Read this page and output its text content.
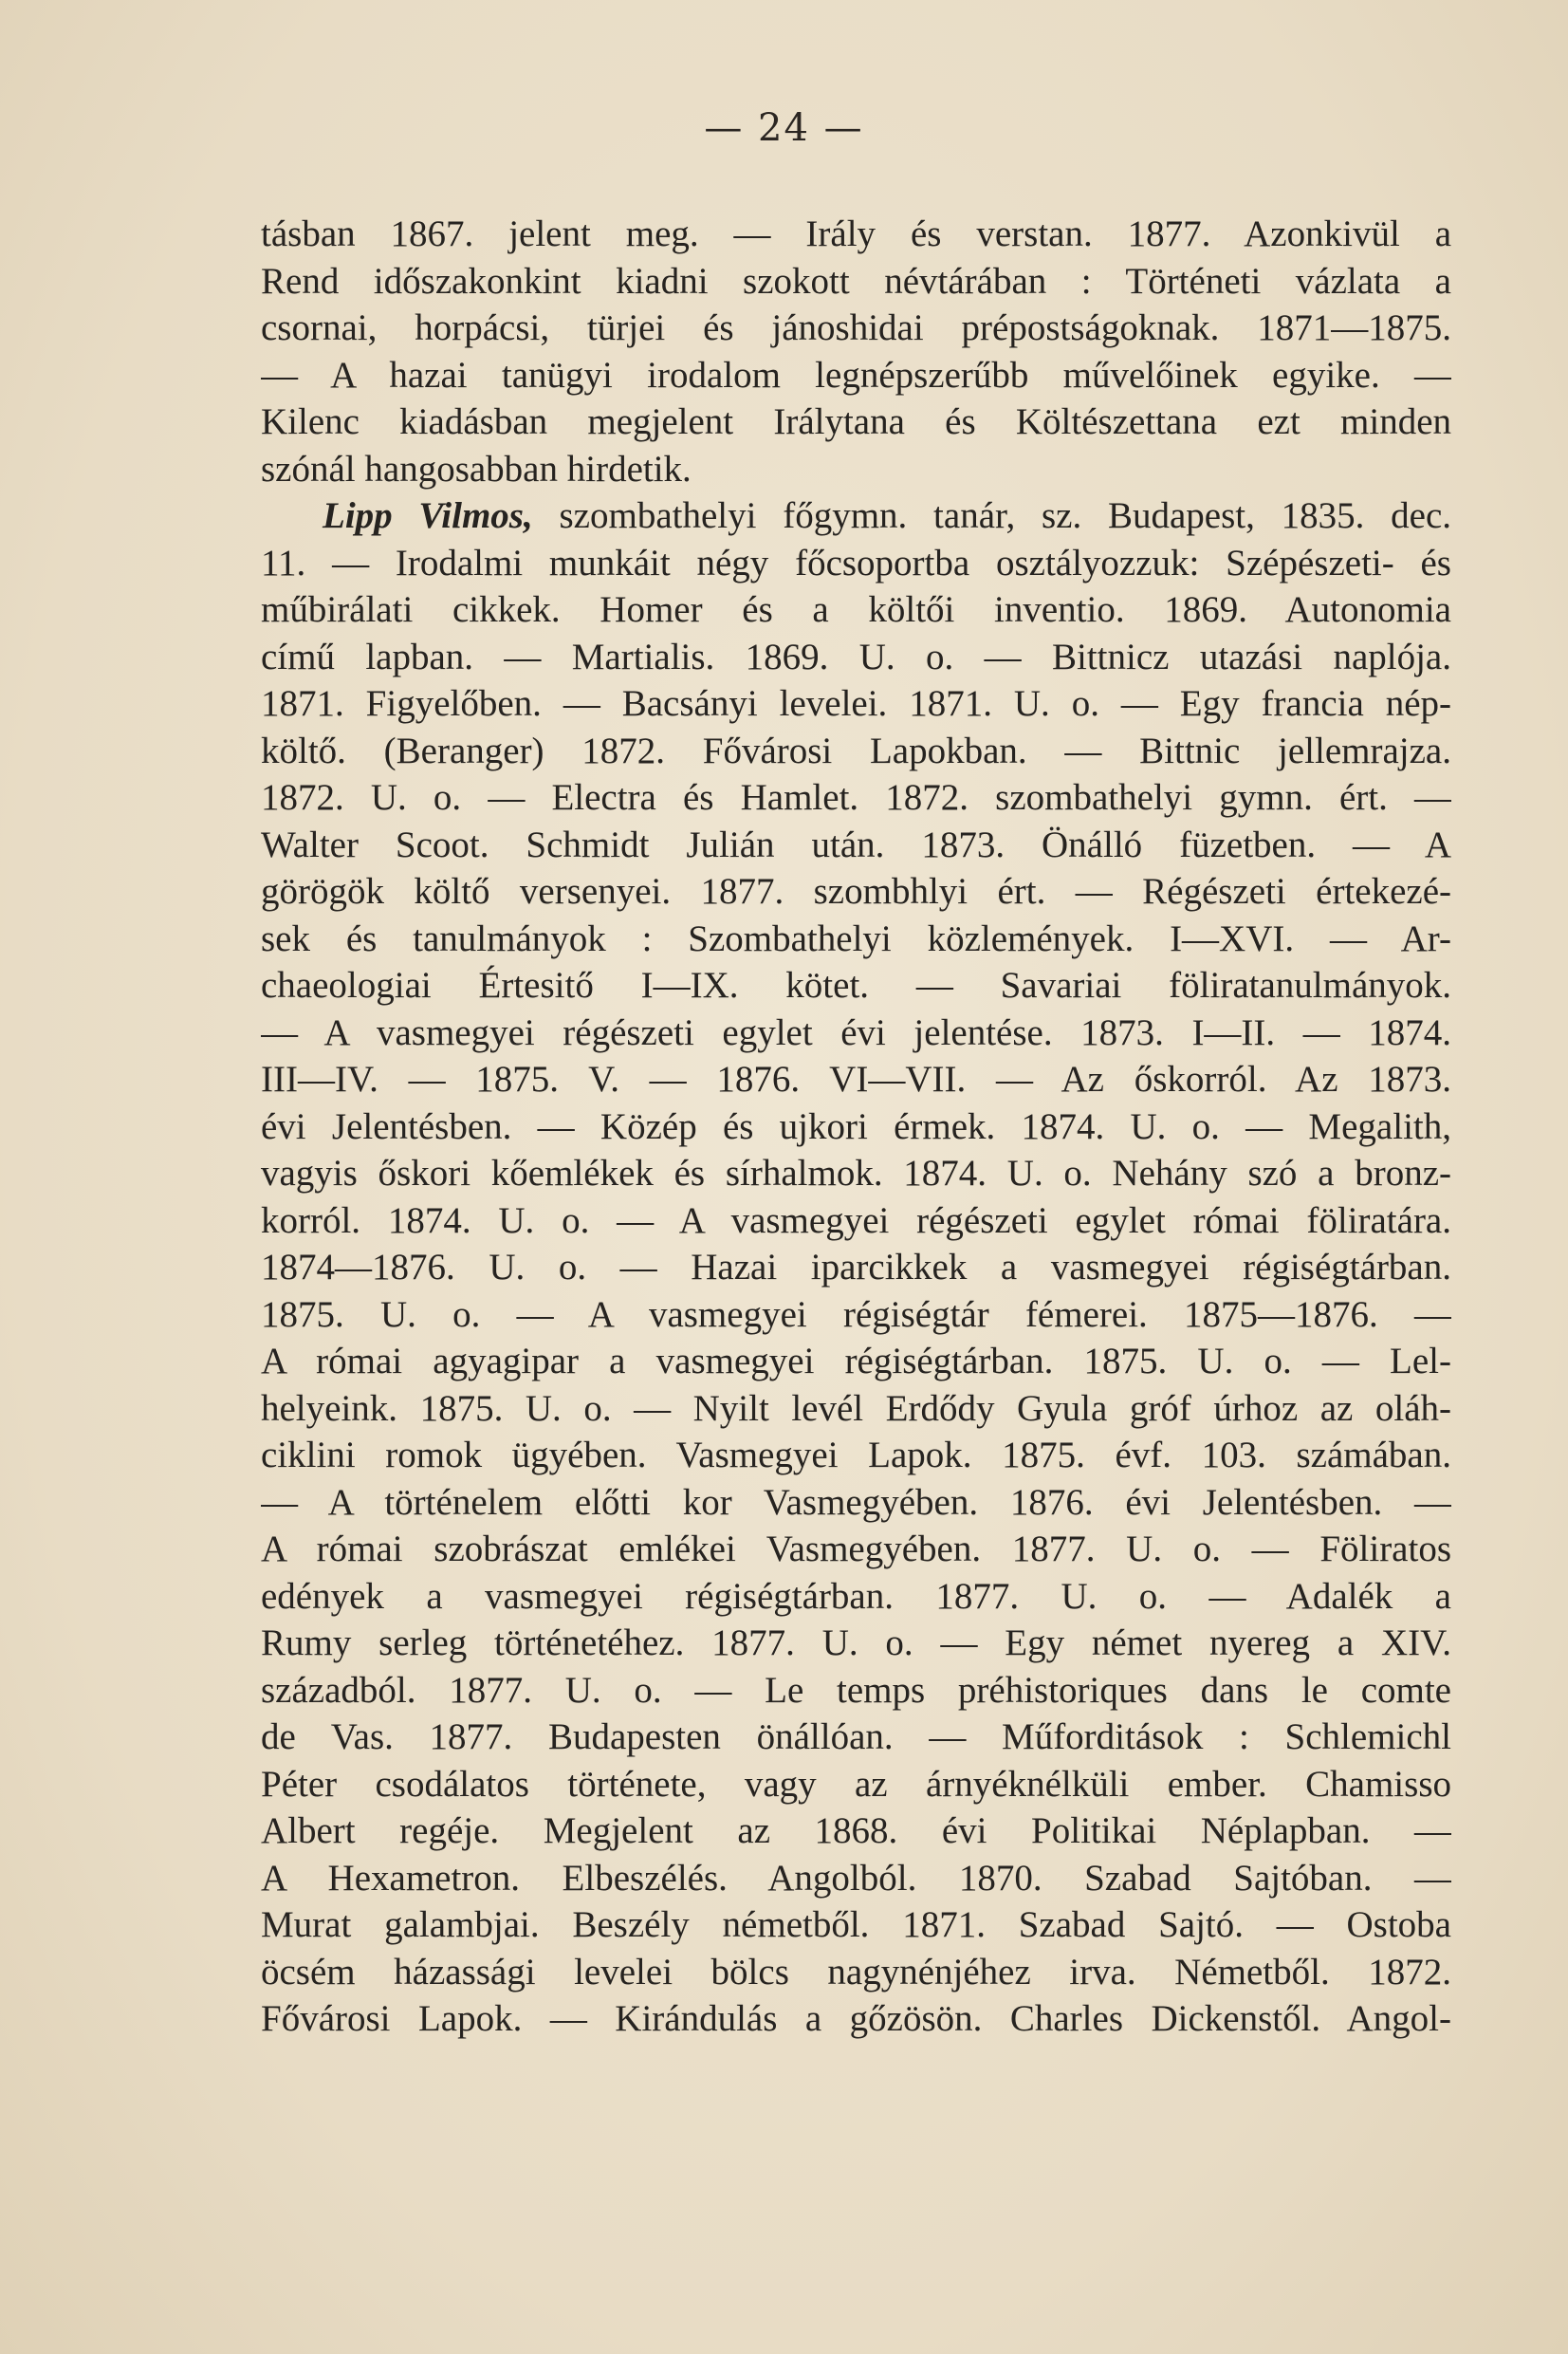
— 24 —
tásban 1867. jelent meg. — Irály és verstan. 1877. Azonkivül a
Rend időszakonkint kiadni szokott névtárában : Történeti vázlata a
csornai, horpácsi, türjei és jánoshidai prépostságoknak. 1871—1875.
— A hazai tanügyi irodalom legnépszerűbb művelőinek egyike. —
Kilenc kiadásban megjelent Irálytana és Költészettana ezt minden
szónál hangosabban hirdetik.
Lipp Vilmos, szombathelyi főgymn. tanár, sz. Budapest, 1835. dec.
11. — Irodalmi munkáit négy főcsoportba osztályozzuk: Szépészeti- és
műbirálati cikkek. Homer és a költői inventio. 1869. Autonomia
című lapban. — Martialis. 1869. U. o. — Bittnicz utazási naplója.
1871. Figyelőben. — Bacsányi levelei. 1871. U. o. — Egy francia nép-
költő. (Beranger) 1872. Fővárosi Lapokban. — Bittnic jellemrajza.
1872. U. o. — Electra és Hamlet. 1872. szombathelyi gymn. ért. —
Walter Scoot. Schmidt Julián után. 1873. Önálló füzetben. — A
görögök költő versenyei. 1877. szombhlyi ért. — Régészeti értekezé-
sek és tanulmányok : Szombathelyi közlemények. I—XVI. — Ar-
chaeologiai Értesitő I—IX. kötet. — Savariai föliratanulmányok.
— A vasmegyei régészeti egylet évi jelentése. 1873. I—II. — 1874.
III—IV. — 1875. V. — 1876. VI—VII. — Az őskorról. Az 1873.
évi Jelentésben. — Közép és ujkori érmek. 1874. U. o. — Megalith,
vagyis őskori kőemlékek és sírhalmok. 1874. U. o. Nehány szó a bronz-
korról. 1874. U. o. — A vasmegyei régészeti egylet római föliratára.
1874—1876. U. o. — Hazai iparcikkek a vasmegyei régiségtárban.
1875. U. o. — A vasmegyei régiségtár fémerei. 1875—1876. —
A római agyagipar a vasmegyei régiségtárban. 1875. U. o. — Lel-
helyeink. 1875. U. o. — Nyilt levél Erdődy Gyula gróf úrhoz az oláh-
ciklini romok ügyében. Vasmegyei Lapok. 1875. évf. 103. számában.
— A történelem előtti kor Vasmegyében. 1876. évi Jelentésben. —
A római szobrászat emlékei Vasmegyében. 1877. U. o. — Föliratos
edények a vasmegyei régiségtárban. 1877. U. o. — Adalék a
Rumy serleg történetéhez. 1877. U. o. — Egy német nyereg a XIV.
századból. 1877. U. o. — Le temps préhistoriques dans le comte
de Vas. 1877. Budapesten önállóan. — Műforditások : Schlemichl
Péter csodálatos története, vagy az árnyéknélküli ember. Chamisso
Albert regéje. Megjelent az 1868. évi Politikai Néplapban. —
A Hexametron. Elbeszélés. Angolból. 1870. Szabad Sajtóban. —
Murat galambjai. Beszély németből. 1871. Szabad Sajtó. — Ostoba
öcsém házassági levelei bölcs nagynénjéhez irva. Németből. 1872.
Fővárosi Lapok. — Kirándulás a gőzösön. Charles Dickenstől. Angol-
